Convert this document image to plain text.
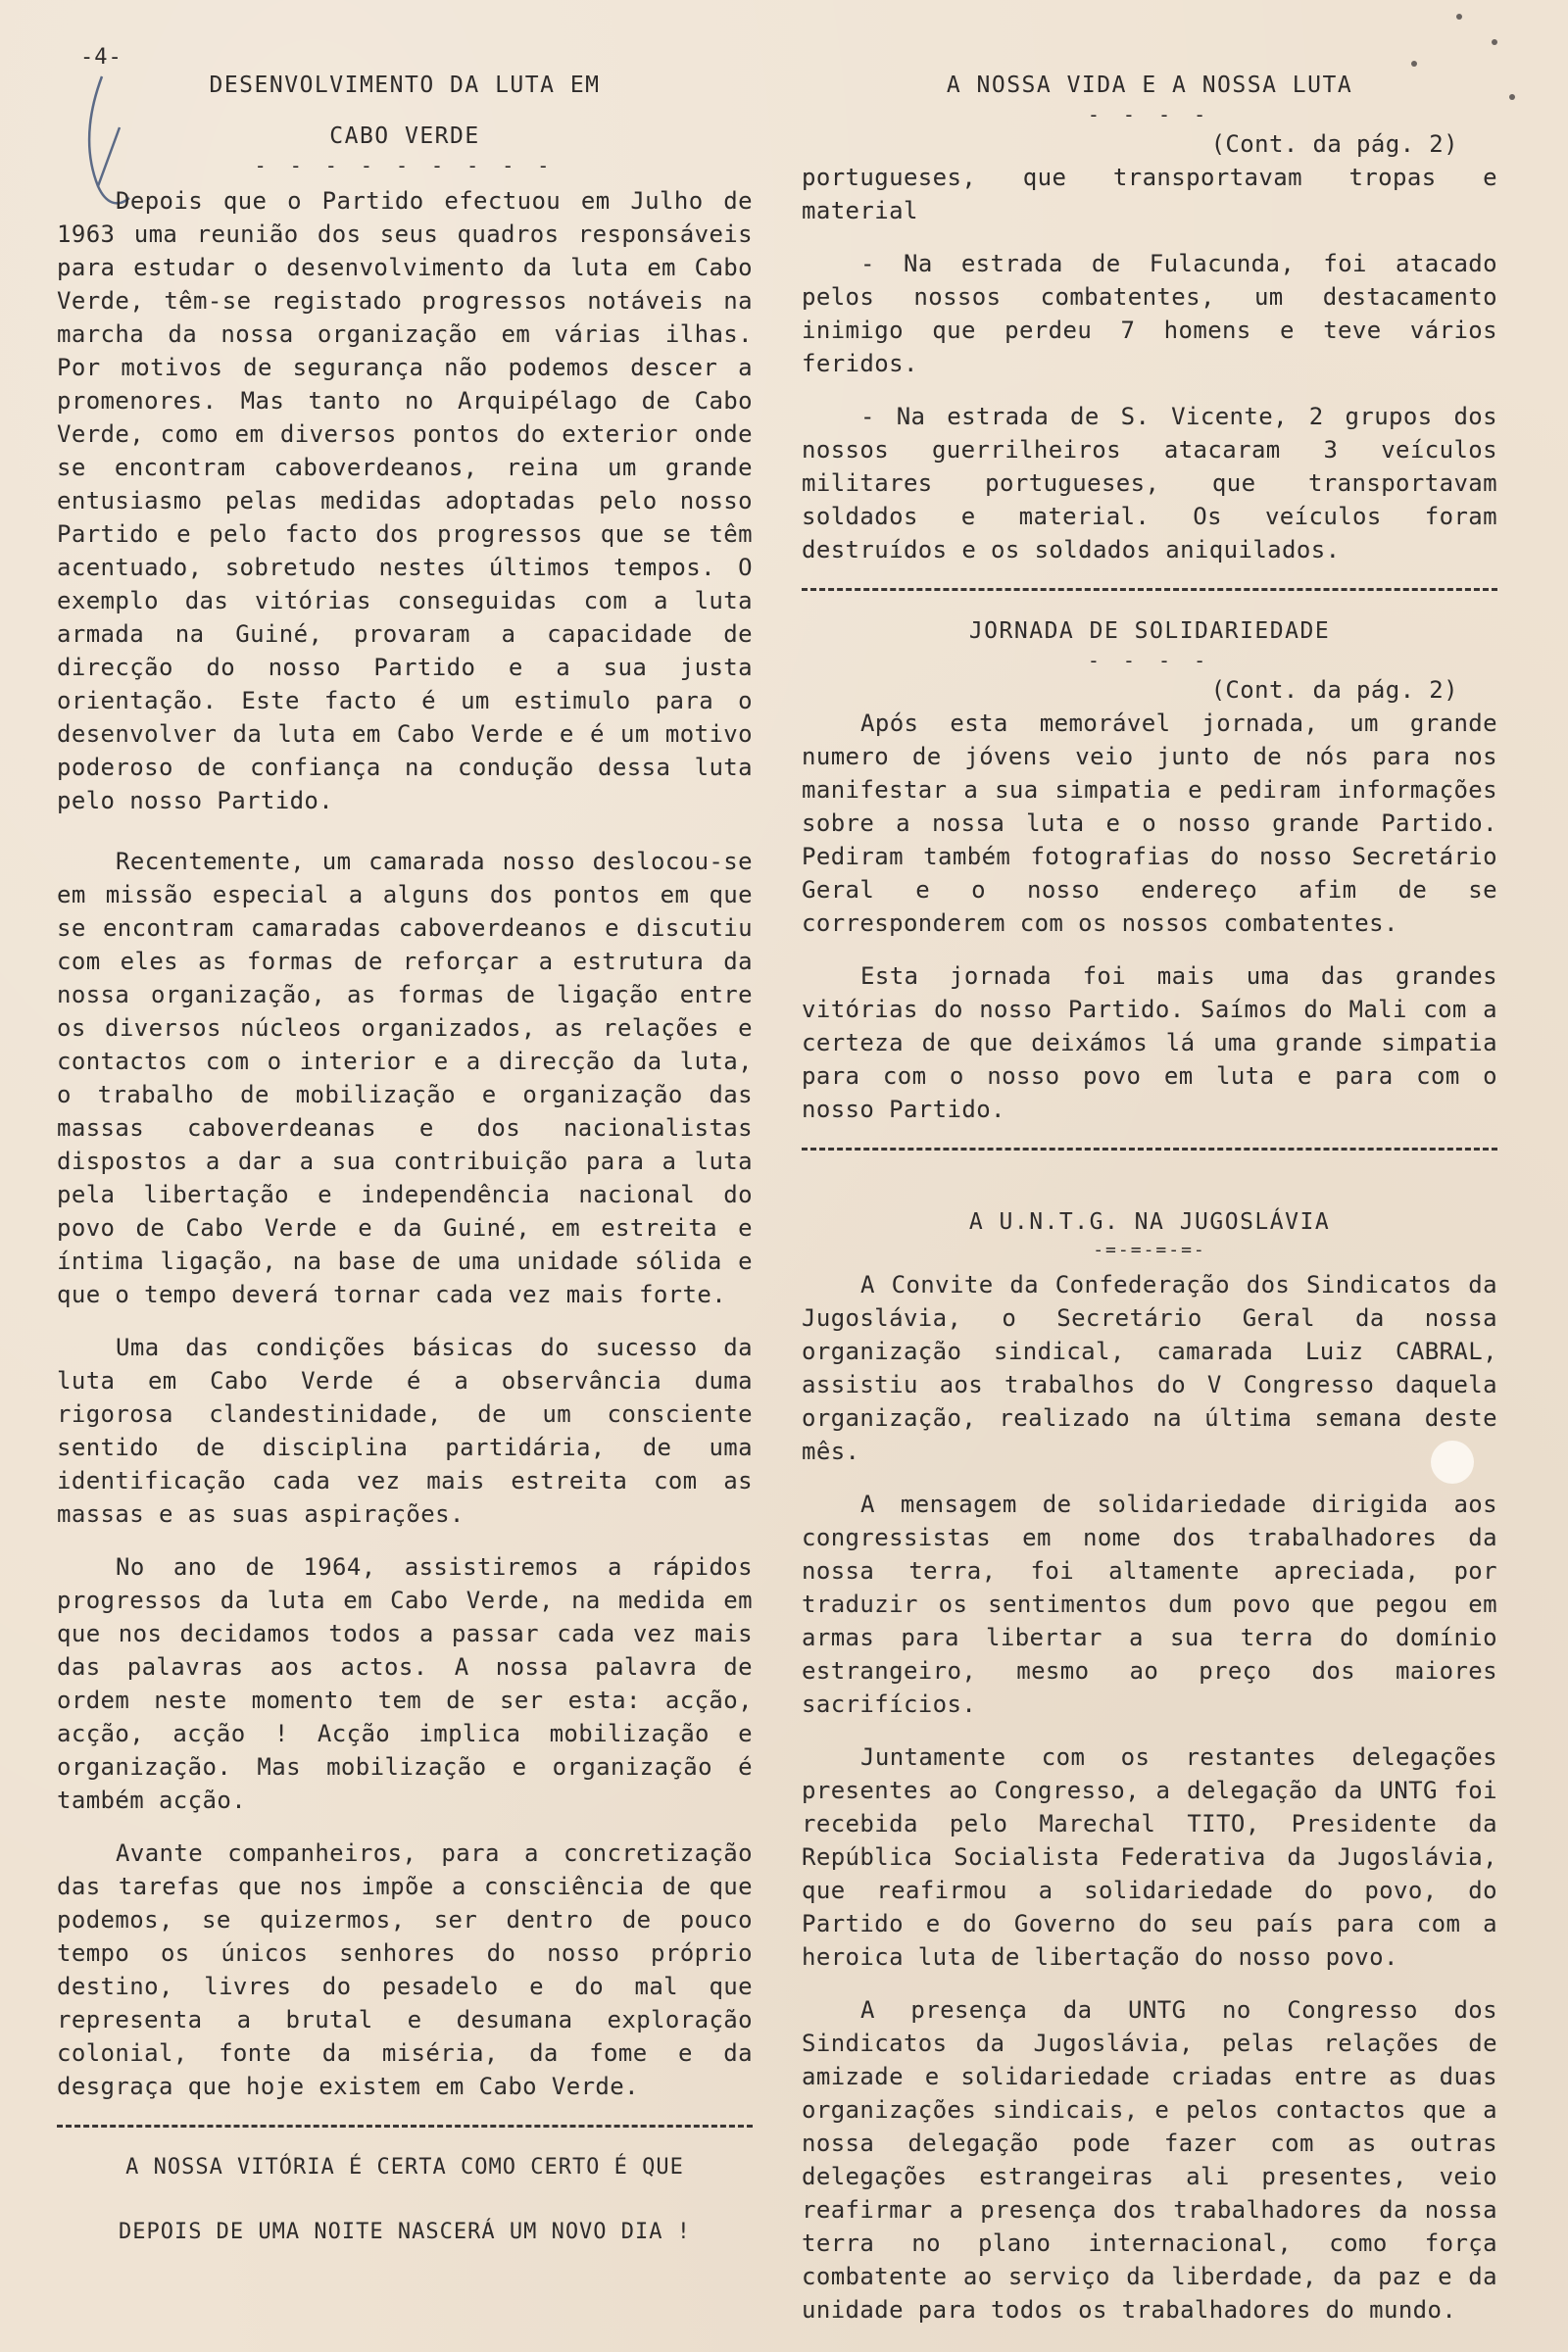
-4-
DESENVOLVIMENTO DA LUTA EM
CABO VERDE
- - - - - - - - -

Depois que o Partido efectuou em Julho de 1963 uma reunião dos seus quadros responsáveis para estudar o desenvolvimento da luta em Cabo Verde, têm-se registado progressos notáveis na marcha da nossa organização em várias ilhas. Por motivos de segurança não podemos descer a promenores. Mas tanto no Arquipélago de Cabo Verde, como em diversos pontos do exterior onde se encontram caboverdeanos, reina um grande entusiasmo pelas medidas adoptadas pelo nosso Partido e pelo facto dos progressos que se têm acentuado, sobretudo nestes últimos tempos. O exemplo das vitórias conseguidas com a luta armada na Guiné, provaram a capacidade de direcção do nosso Partido e a sua justa orientação. Este facto é um estimulo para o desenvolver da luta em Cabo Verde e é um motivo poderoso de confiança na condução dessa luta pelo nosso Partido.

Recentemente, um camarada nosso deslocou-se em missão especial a alguns dos pontos em que se encontram camaradas caboverdeanos e discutiu com eles as formas de reforçar a estrutura da nossa organização, as formas de ligação entre os diversos núcleos organizados, as relações e contactos com o interior e a direcção da luta, o trabalho de mobilização e organização das massas caboverdeanas e dos nacionalistas dispostos a dar a sua contribuição para a luta pela libertação e independência nacional do povo de Cabo Verde e da Guiné, em estreita e íntima ligação, na base de uma unidade sólida e que o tempo deverá tornar cada vez mais forte.

Uma das condições básicas do sucesso da luta em Cabo Verde é a observância duma rigorosa clandestinidade, de um consciente sentido de disciplina partidária, de uma identificação cada vez mais estreita com as massas e as suas aspirações.

No ano de 1964, assistiremos a rápidos progressos da luta em Cabo Verde, na medida em que nos decidamos todos a passar cada vez mais das palavras aos actos. A nossa palavra de ordem neste momento tem de ser esta: acção, acção, acção ! Acção implica mobilização e organização. Mas mobilização e organização é também acção.

Avante companheiros, para a concretização das tarefas que nos impõe a consciência de que podemos, se quizermos, ser dentro de pouco tempo os únicos senhores do nosso próprio destino, livres do pesadelo e do mal que representa a brutal e desumana exploração colonial, fonte da miséria, da fome e da desgraça que hoje existem em Cabo Verde.

A NOSSA VITÓRIA É CERTA COMO CERTO É QUE
DEPOIS DE UMA NOITE NASCERÁ UM NOVO DIA !
A NOSSA VIDA E A NOSSA LUTA
- - - -
(Cont. da pág. 2)

portugueses, que transportavam tropas e material

- Na estrada de Fulacunda, foi atacado pelos nossos combatentes, um destacamento inimigo que perdeu 7 homens e teve vários feridos.

- Na estrada de S. Vicente, 2 grupos dos nossos guerrilheiros atacaram 3 veículos militares portugueses, que transportavam soldados e material. Os veículos foram destruídos e os soldados aniquilados.

JORNADA DE SOLIDARIEDADE
- - - -
(Cont. da pág. 2)

Após esta memorável jornada, um grande numero de jóvens veio junto de nós para nos manifestar a sua simpatia e pediram informações sobre a nossa luta e o nosso grande Partido. Pediram também fotografias do nosso Secretário Geral e o nosso endereço afim de se corresponderem com os nossos combatentes.

Esta jornada foi mais uma das grandes vitórias do nosso Partido. Saímos do Mali com a certeza de que deixámos lá uma grande simpatia para com o nosso povo em luta e para com o nosso Partido.

A U.N.T.G. NA JUGOSLÁVIA
-=-=-=-=-

A Convite da Confederação dos Sindicatos da Jugoslávia, o Secretário Geral da nossa organização sindical, camarada Luiz CABRAL, assistiu aos trabalhos do V Congresso daquela organização, realizado na última semana deste mês.

A mensagem de solidariedade dirigida aos congressistas em nome dos trabalhadores da nossa terra, foi altamente apreciada, por traduzir os sentimentos dum povo que pegou em armas para libertar a sua terra do domínio estrangeiro, mesmo ao preço dos maiores sacrifícios.

Juntamente com os restantes delegações presentes ao Congresso, a delegação da UNTG foi recebida pelo Marechal TITO, Presidente da República Socialista Federativa da Jugoslávia, que reafirmou a solidariedade do povo, do Partido e do Governo do seu país para com a heroica luta de libertação do nosso povo.

A presença da UNTG no Congresso dos Sindicatos da Jugoslávia, pelas relações de amizade e solidariedade criadas entre as duas organizações sindicais, e pelos contactos que a nossa delegação pode fazer com as outras delegações estrangeiras ali presentes, veio reafirmar a presença dos trabalhadores da nossa terra no plano internacional, como força combatente ao serviço da liberdade, da paz e da unidade para todos os trabalhadores do mundo.
